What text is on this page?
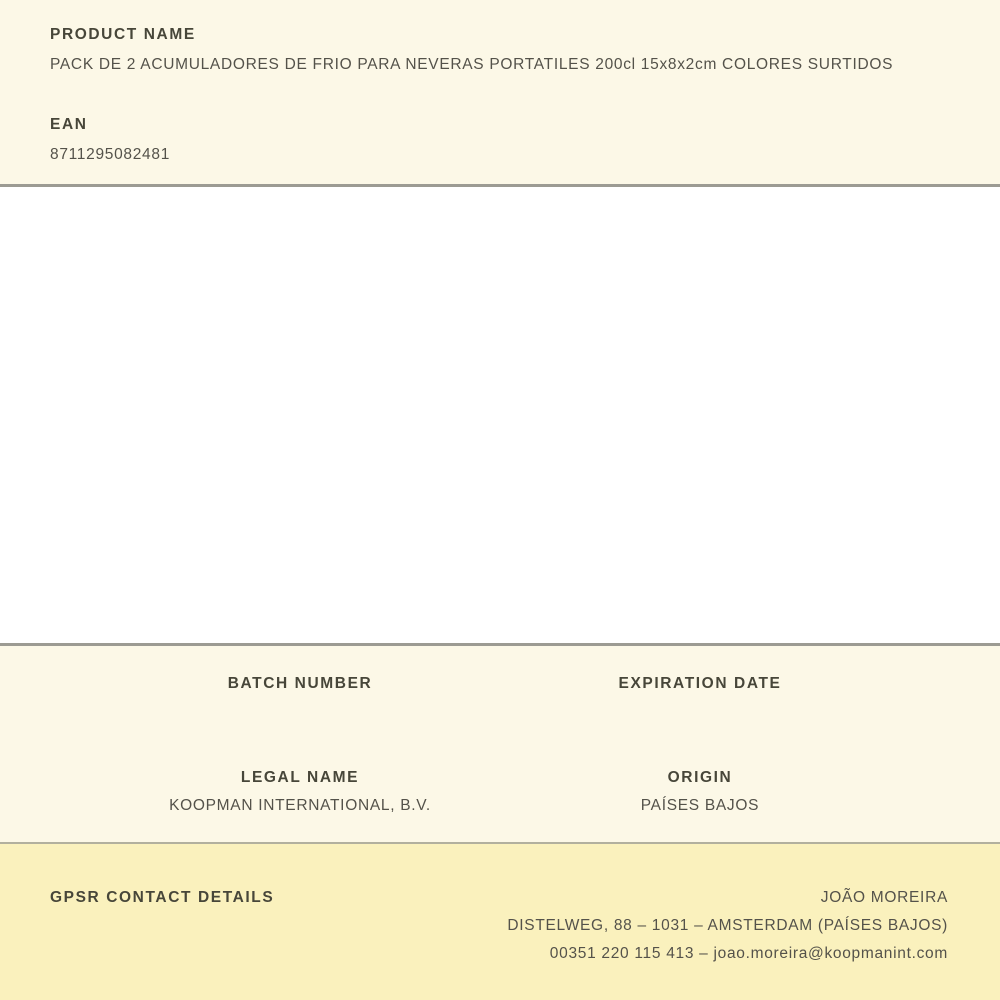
PRODUCT NAME
PACK DE 2 ACUMULADORES DE FRIO PARA NEVERAS PORTATILES 200cl 15x8x2cm COLORES SURTIDOS
EAN
8711295082481
BATCH NUMBER	EXPIRATION DATE
LEGAL NAME
KOOPMAN INTERNATIONAL, B.V.
ORIGIN
PAÍSES BAJOS
GPSR CONTACT DETAILS	JOÃO MOREIRA
DISTELWEG, 88 – 1031 – AMSTERDAM (PAÍSES BAJOS)
00351 220 115 413 – joao.moreira@koopmanint.com
